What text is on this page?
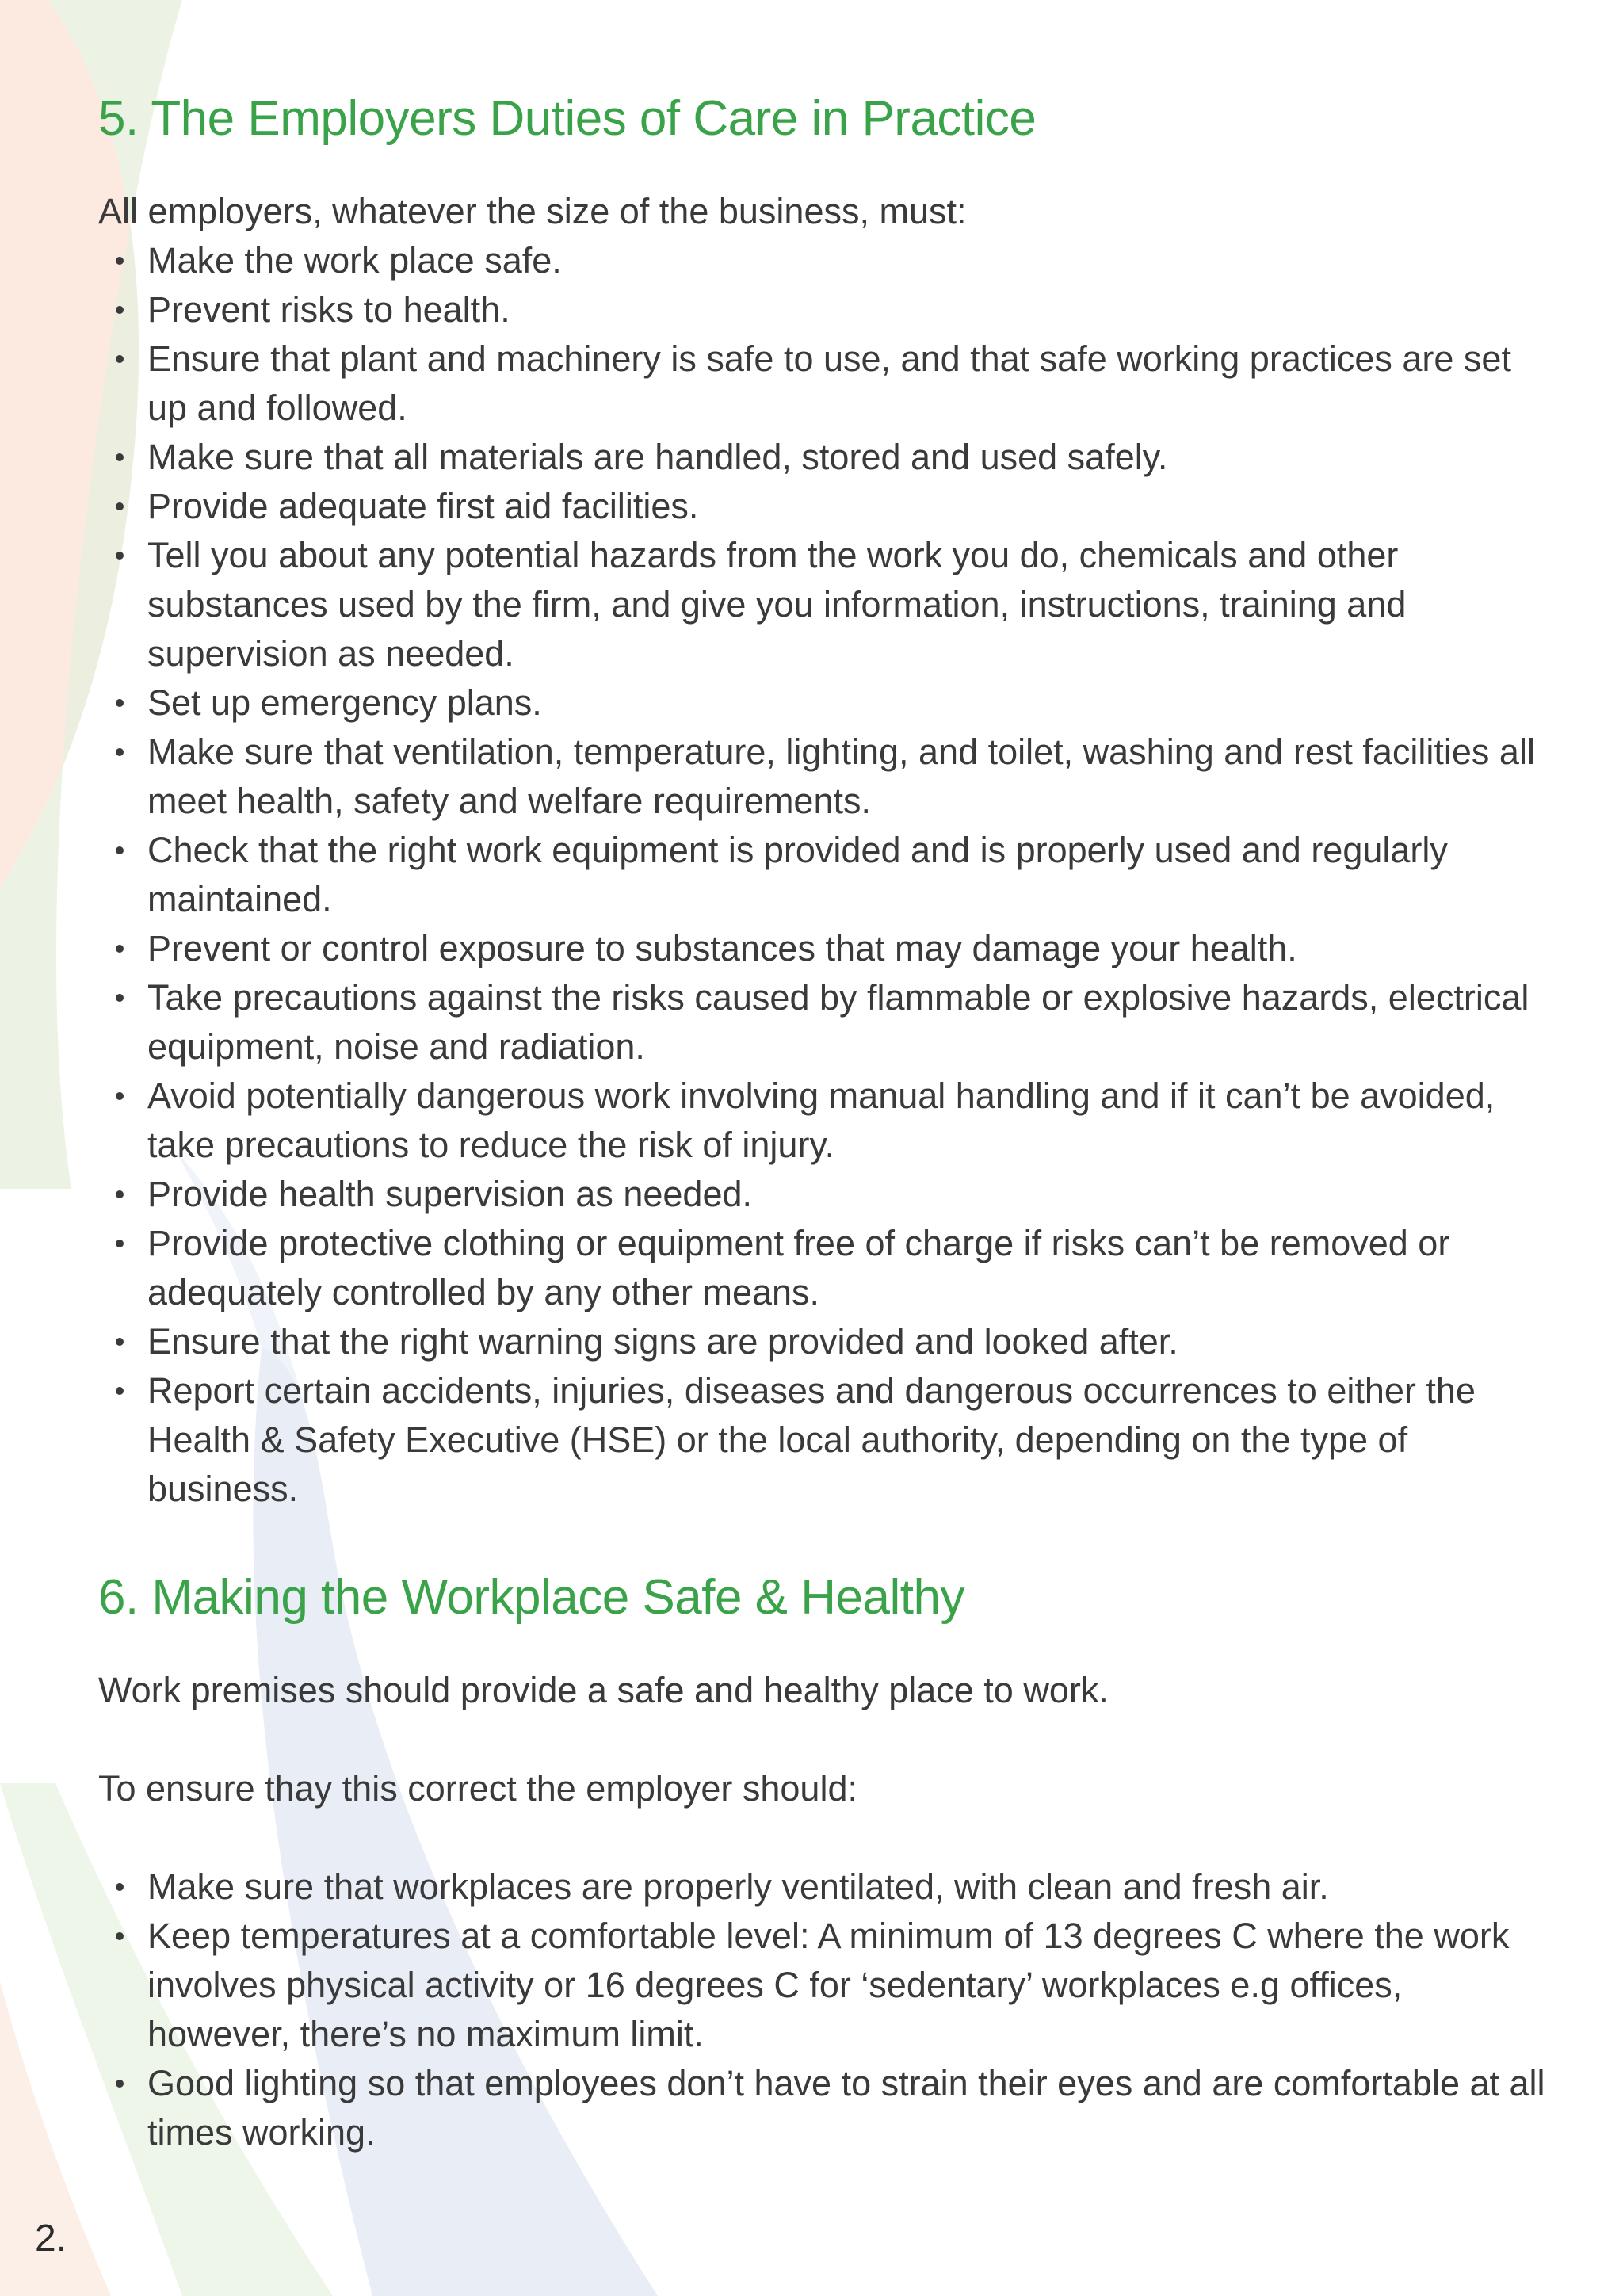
5. The Employers Duties of Care in Practice

All employers, whatever the size of the business, must:

Make the work place safe.
Prevent risks to health.
Ensure that plant and machinery is safe to use, and that safe working practices are set up and followed.
Make sure that all materials are handled, stored and used safely.
Provide adequate first aid facilities.
Tell you about any potential hazards from the work you do, chemicals and other substances used by the firm, and give you information, instructions, training and supervision as needed.
Set up emergency plans.
Make sure that ventilation, temperature, lighting, and toilet, washing and rest facilities all meet health, safety and welfare requirements.
Check that the right work equipment is provided and is properly used and regularly maintained.
Prevent or control exposure to substances that may damage your health.
Take precautions against the risks caused by flammable or explosive hazards, electrical equipment, noise and radiation.
Avoid potentially dangerous work involving manual handling and if it can’t be avoided, take precautions to reduce the risk of injury.
Provide health supervision as needed.
Provide protective clothing or equipment free of charge if risks can’t be removed or adequately controlled by any other means.
Ensure that the right warning signs are provided and looked after.
Report certain accidents, injuries, diseases and dangerous occurrences to either the Health & Safety Executive (HSE) or the local authority, depending on the type of business.
6. Making the Workplace Safe & Healthy

Work premises should provide a safe and healthy place to work.

To ensure thay this correct the employer should:

Make sure that workplaces are properly ventilated, with clean and fresh air.
Keep temperatures at a comfortable level: A minimum of 13 degrees C where the work involves physical activity or 16 degrees C for ‘sedentary’ workplaces e.g offices, however, there’s no maximum limit.
Good lighting so that employees don’t have to strain their eyes and are comfortable at all times working.
2.
